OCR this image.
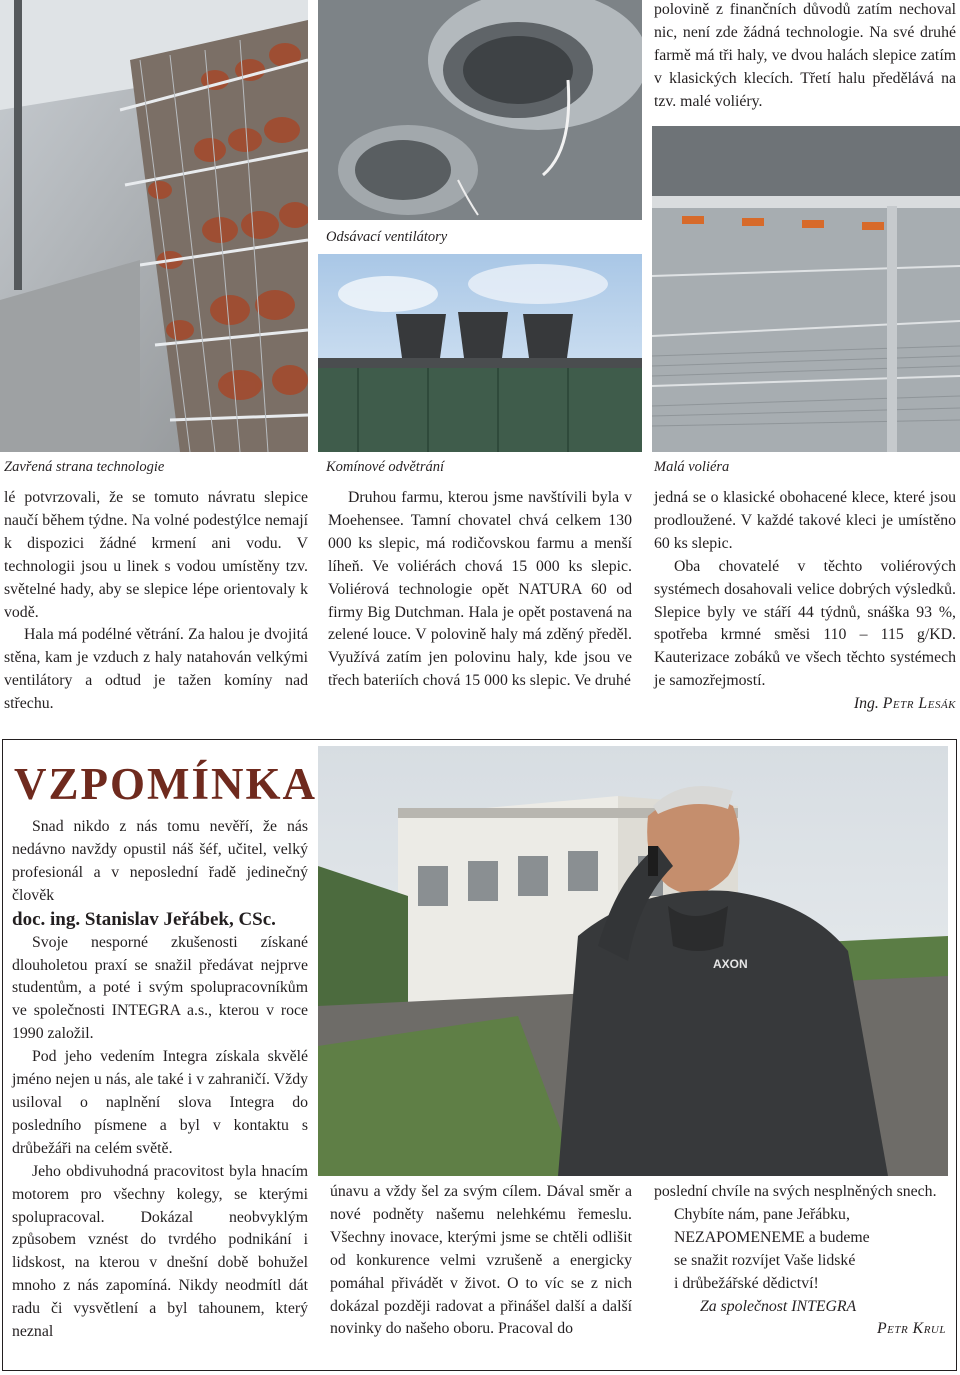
Zavřená strana technologie
Odsávací ventilátory
Komínové odvětrání

polovině z finančních důvodů zatím nechoval nic, není zde žádná technologie. Na své druhé farmě má tři haly, ve dvou halách slepice zatím v klasických klecích. Třetí halu předělává na tzv. malé voliéry.

Malá voliéra

lé potvrzovali, že se tomuto návratu slepice naučí během týdne. Na volné podestýlce nemají k dispozici žádné krmení ani vodu. V technologii jsou u linek s vodou umístěny tzv. světelné hady, aby se slepice lépe orientovaly k vodě.

Hala má podélné větrání. Za halou je dvojitá stěna, kam je vzduch z haly natahován velkými ventilátory a odtud je tažen komíny nad střechu.

Druhou farmu, kterou jsme navštívili byla v Moehensee. Tamní chovatel chvá celkem 130 000 ks slepic, má rodičovskou farmu a menší líheň. Ve voliérách chová 15 000 ks slepic. Voliérová technologie opět NATURA 60 od firmy Big Dutchman. Hala je opět postavená na zelené louce. V polovině haly má zděný předěl. Využívá zatím jen polovinu haly, kde jsou ve třech bateriích chová 15 000 ks slepic. Ve druhé

jedná se o klasické obohacené klece, které jsou prodloužené. V každé takové kleci je umístěno 60 ks slepic.

Oba chovatelé v těchto voliérových systémech dosahovali velice dobrých výsledků. Slepice byly ve stáří 44 týdnů, snáška 93 %, spotřeba krmné směsi 110 – 115 g/KD. Kauterizace zobáků ve všech těchto systémech je samozřejmostí.

Ing. Petr Lesák

VZPOMÍNKA
AXON

Snad nikdo z nás tomu nevěří, že nás nedávno navždy opustil náš šéf, učitel, velký profesionál a v neposlední řadě jedinečný člověk

doc. ing. Stanislav Jeřábek, CSc.

Svoje nesporné zkušenosti získané dlouholetou praxí se snažil předávat nejprve studentům, a poté i svým spolupracovníkům ve společnosti INTEGRA a.s., kterou v roce 1990 založil.

Pod jeho vedením Integra získala skvělé jméno nejen u nás, ale také i v zahraničí. Vždy usiloval o naplnění slova Integra do posledního písmene a byl v kontaktu s drůbežáři na celém světě.

Jeho obdivuhodná pracovitost byla hnacím motorem pro všechny kolegy, se kterými spolupracoval. Dokázal neobvyklým způsobem vznést do tvrdého podnikání i lidskost, na kterou v dnešní době bohužel mnoho z nás zapomíná. Nikdy neodmítl dát radu či vysvětlení a byl tahounem, který neznal

únavu a vždy šel za svým cílem. Dával směr a nové podněty našemu nelehkému řemeslu. Všechny inovace, kterými jsme se chtěli odlišit od konkurence velmi vzrušeně a energicky pomáhal přivádět v život. O to víc se z nich dokázal později radovat a přinášel další a další novinky do našeho oboru. Pracoval do

poslední chvíle na svých nesplněných snech.

Chybíte nám, pane Jeřábku,
NEZAPOMENEME a budeme
se snažit rozvíjet Vaše lidské
i drůbežářské dědictví!
Za společnost INTEGRA
Petr Krul
